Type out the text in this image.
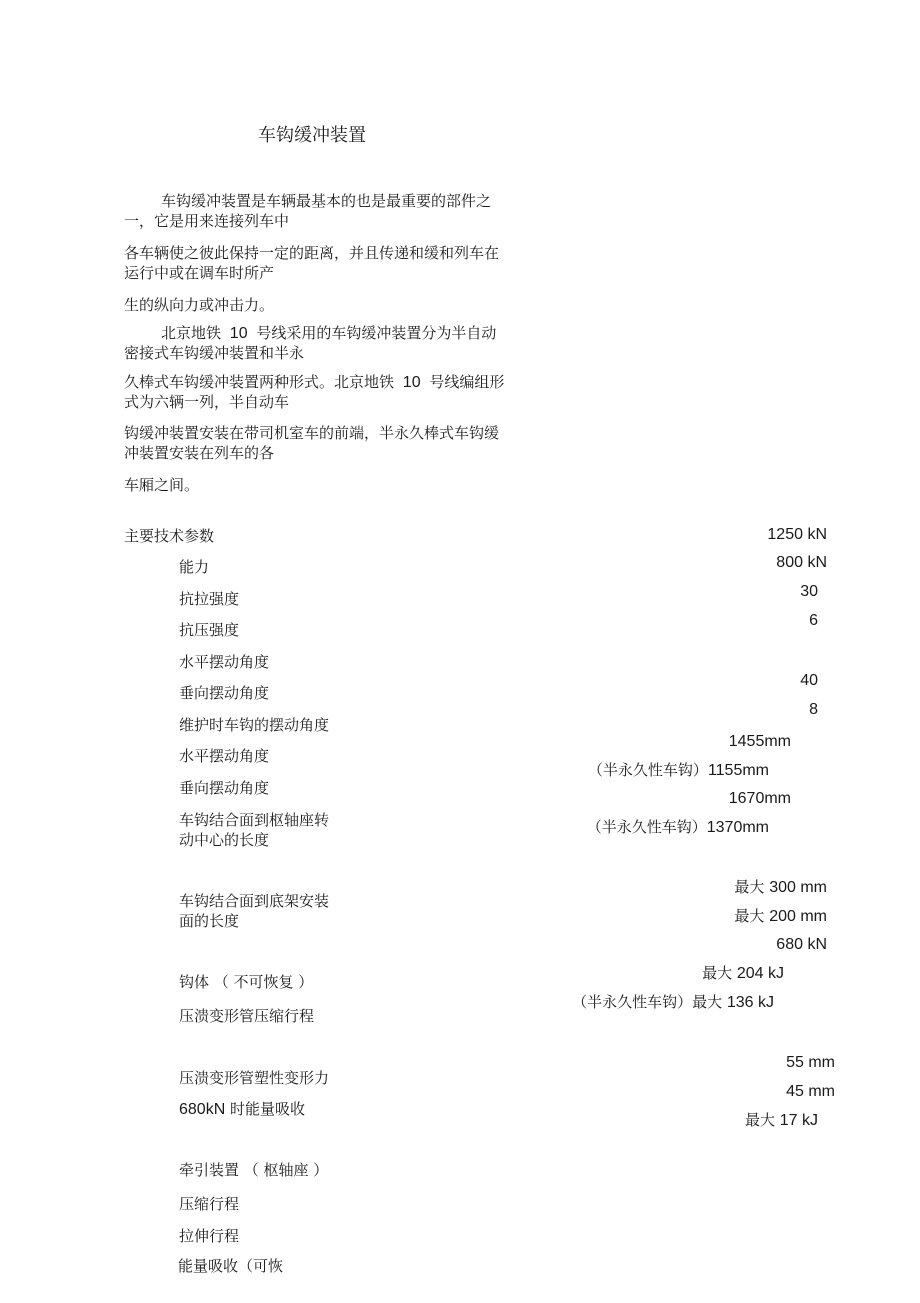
车钩缓冲装置
车钩缓冲装置是车辆最基本的也是最重要的部件之
一，它是用来连接列车中
各车辆使之彼此保持一定的距离，并且传递和缓和列车在
运行中或在调车时所产
生的纵向力或冲击力。
北京地铁 10 号线采用的车钩缓冲装置分为半自动
密接式车钩缓冲装置和半永
久棒式车钩缓冲装置两种形式。北京地铁 10 号线编组形
式为六辆一列，半自动车
钩缓冲装置安装在带司机室车的前端，半永久棒式车钩缓
冲装置安装在列车的各
车厢之间。
主要技术参数
能力
抗拉强度
抗压强度
水平摆动角度
垂向摆动角度
维护时车钩的摆动角度
水平摆动角度
垂向摆动角度
车钩结合面到枢轴座转
动中心的长度
车钩结合面到底架安装
面的长度
钩体 （ 不可恢复 ）
压溃变形管压缩行程
压溃变形管塑性变形力
680kN 时能量吸收
牵引装置 （ 枢轴座 ）
压缩行程
拉伸行程
能量吸收（可恢
1250 kN
800 kN
30
6
40
8
1455mm
（半永久性车钩）1155mm
1670mm
（半永久性车钩）1370mm
最大 300 mm
最大 200 mm
680 kN
最大 204 kJ
（半永久性车钩）最大 136 kJ
55 mm
45 mm
最大 17 kJ
